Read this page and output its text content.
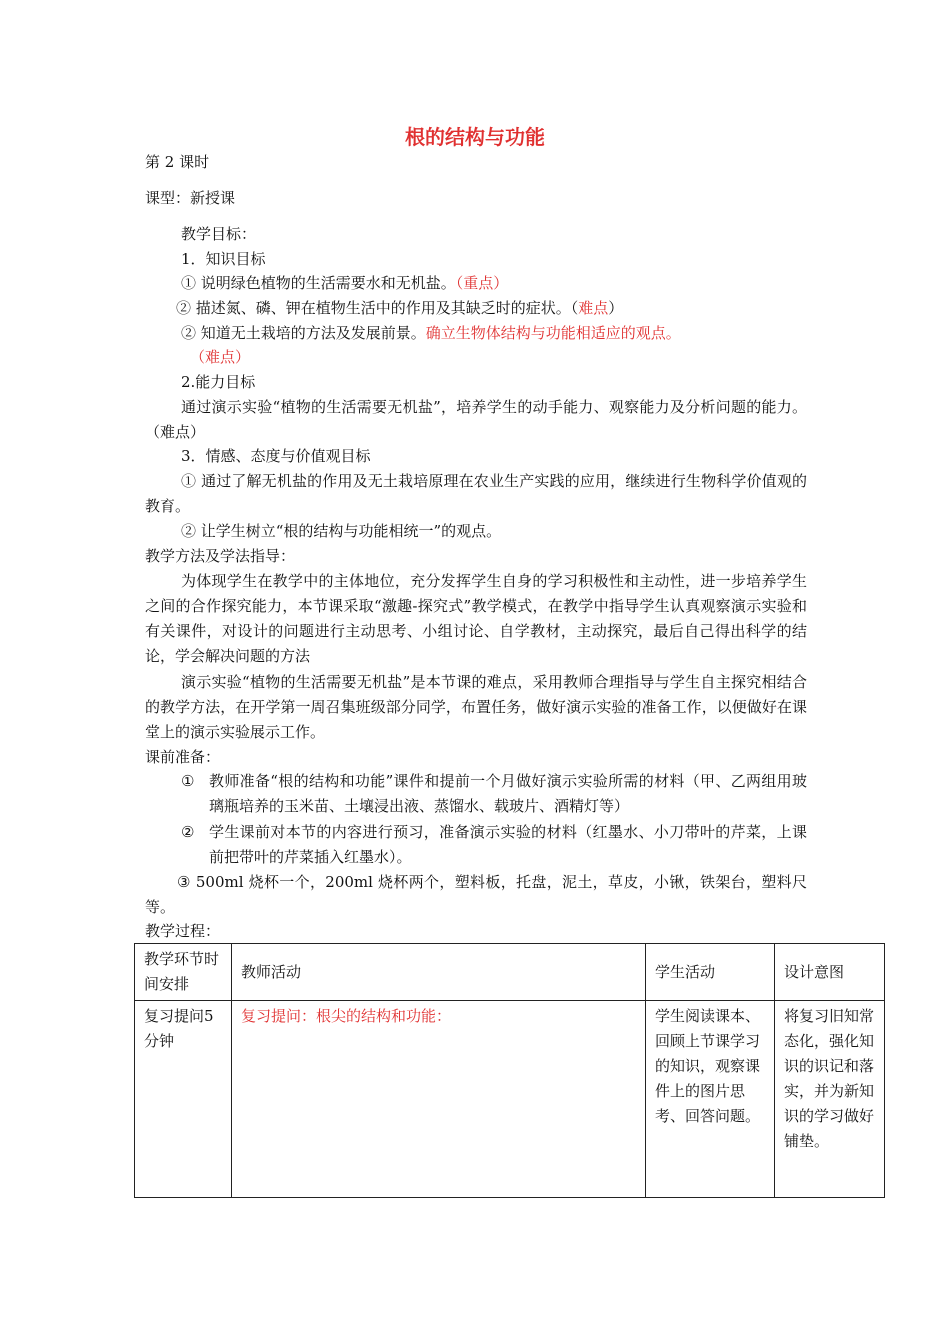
根的结构与功能
第 2 课时
课型：新授课
教学目标：
1．知识目标
① 说明绿色植物的生活需要水和无机盐。（重点）
② 描述氮、磷、钾在植物生活中的作用及其缺乏时的症状。（难点）
② 知道无土栽培的方法及发展前景。确立生物体结构与功能相适应的观点。
（难点）
2.能力目标
通过演示实验“植物的生活需要无机盐”，培养学生的动手能力、观察能力及分析问题的能力。（难点）
3．情感、态度与价值观目标
① 通过了解无机盐的作用及无土栽培原理在农业生产实践的应用，继续进行生物科学价值观的教育。
② 让学生树立“根的结构与功能相统一”的观点。
教学方法及学法指导：
为体现学生在教学中的主体地位，充分发挥学生自身的学习积极性和主动性，进一步培养学生之间的合作探究能力，本节课采取“激趣-探究式”教学模式，在教学中指导学生认真观察演示实验和有关课件，对设计的问题进行主动思考、小组讨论、自学教材，主动探究，最后自己得出科学的结论，学会解决问题的方法
演示实验“植物的生活需要无机盐”是本节课的难点，采用教师合理指导与学生自主探究相结合的教学方法，在开学第一周召集班级部分同学，布置任务，做好演示实验的准备工作，以便做好在课堂上的演示实验展示工作。
课前准备：
① 教师准备“根的结构和功能”课件和提前一个月做好演示实验所需的材料（甲、乙两组用玻璃瓶培养的玉米苗、土壤浸出液、蒸馏水、载玻片、酒精灯等）
② 学生课前对本节的内容进行预习，准备演示实验的材料（红墨水、小刀带叶的芹菜，上课前把带叶的芹菜插入红墨水）。
③ 500ml 烧杯一个，200ml 烧杯两个，塑料板，托盘，泥土，草皮，小锹，铁架台，塑料尺等。
教学过程：
教学环节时间安排	教师活动	学生活动	设计意图
复习提问5 分钟	复习提问：根尖的结构和功能：	学生阅读课本、回顾上节课学习的知识，观察课件上的图片思考、回答问题。	将复习旧知常态化，强化知识的识记和落实，并为新知识的学习做好铺垫。
